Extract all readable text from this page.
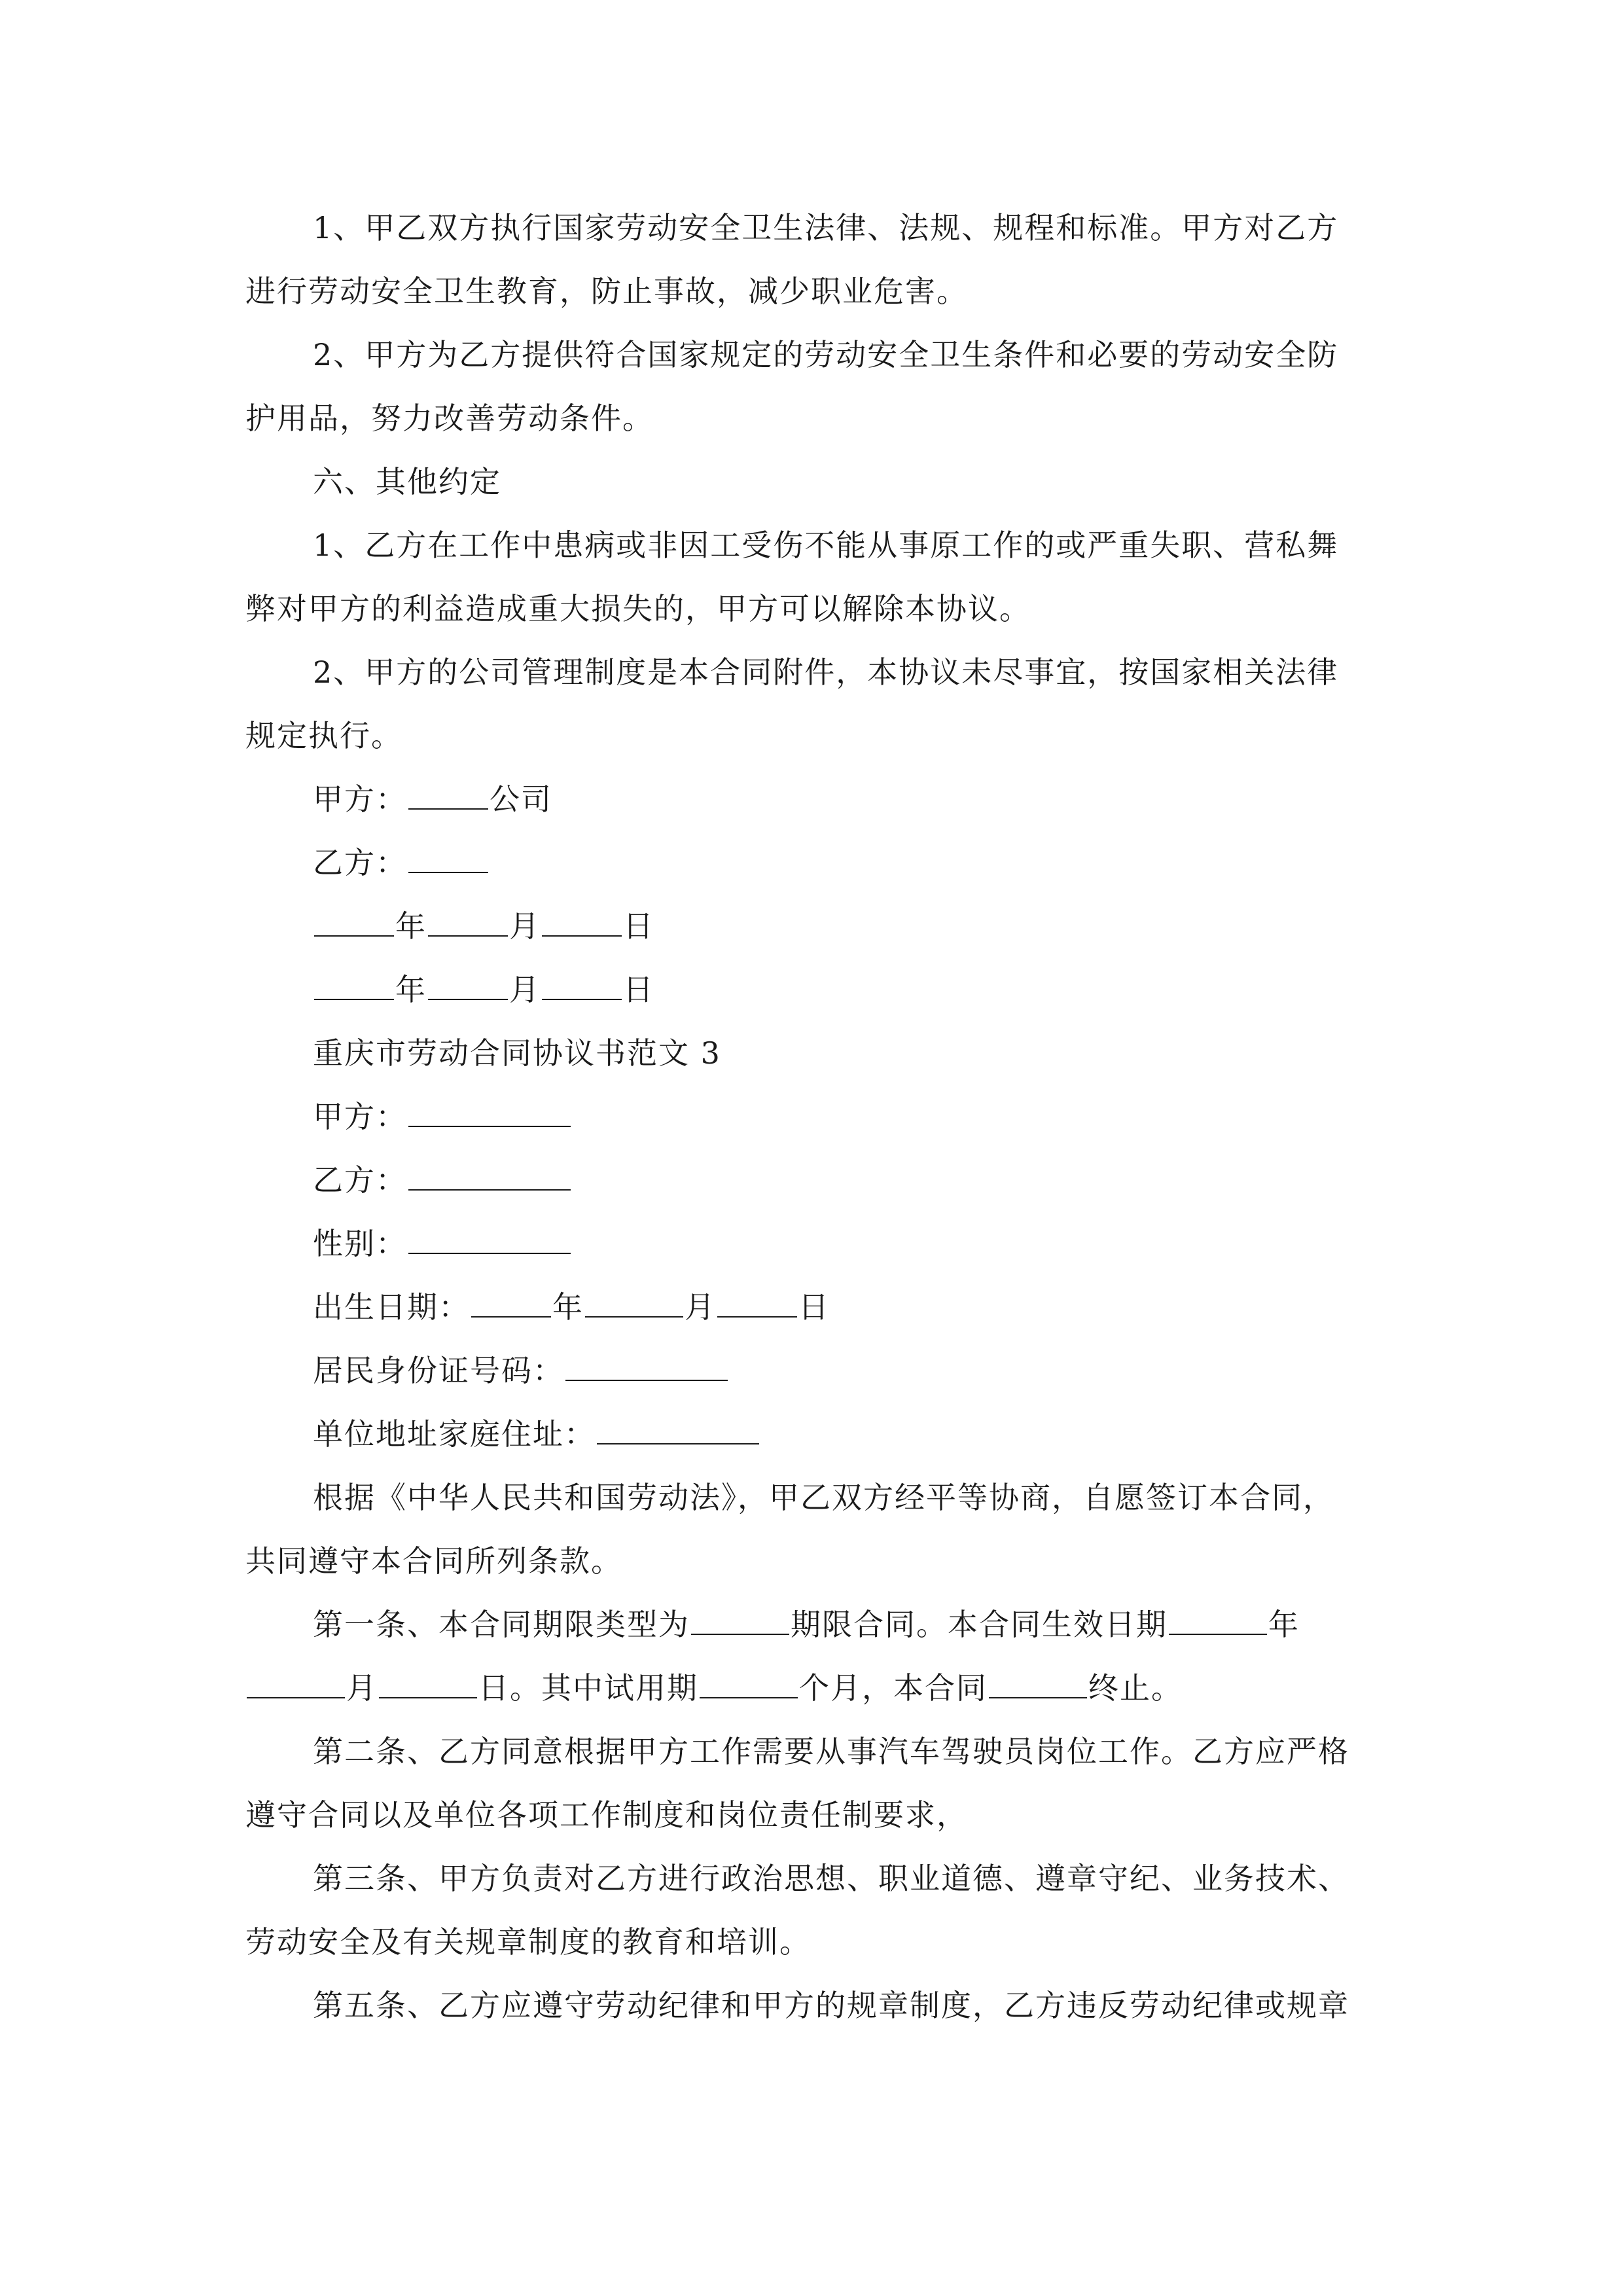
1、甲乙双方执行国家劳动安全卫生法律、法规、规程和标准。甲方对乙方
进行劳动安全卫生教育，防止事故，减少职业危害。
2、甲方为乙方提供符合国家规定的劳动安全卫生条件和必要的劳动安全防
护用品，努力改善劳动条件。
六、其他约定
1、乙方在工作中患病或非因工受伤不能从事原工作的或严重失职、营私舞
弊对甲方的利益造成重大损失的，甲方可以解除本协议。
2、甲方的公司管理制度是本合同附件，本协议未尽事宜，按国家相关法律
规定执行。
甲方：	公司
乙方：
年	月	日
年	月	日
重庆市劳动合同协议书范文 3
甲方：
乙方：
性别：
出生日期：	年	月	日
居民身份证号码：
单位地址家庭住址：
根据《中华人民共和国劳动法》，甲乙双方经平等协商，自愿签订本合同，
共同遵守本合同所列条款。
第一条、本合同期限类型为	期限合同。本合同生效日期	年
月	日。其中试用期	个月，本合同	终止。
第二条、乙方同意根据甲方工作需要从事汽车驾驶员岗位工作。乙方应严格
遵守合同以及单位各项工作制度和岗位责任制要求，
第三条、甲方负责对乙方进行政治思想、职业道德、遵章守纪、业务技术、
劳动安全及有关规章制度的教育和培训。
第五条、乙方应遵守劳动纪律和甲方的规章制度，乙方违反劳动纪律或规章
